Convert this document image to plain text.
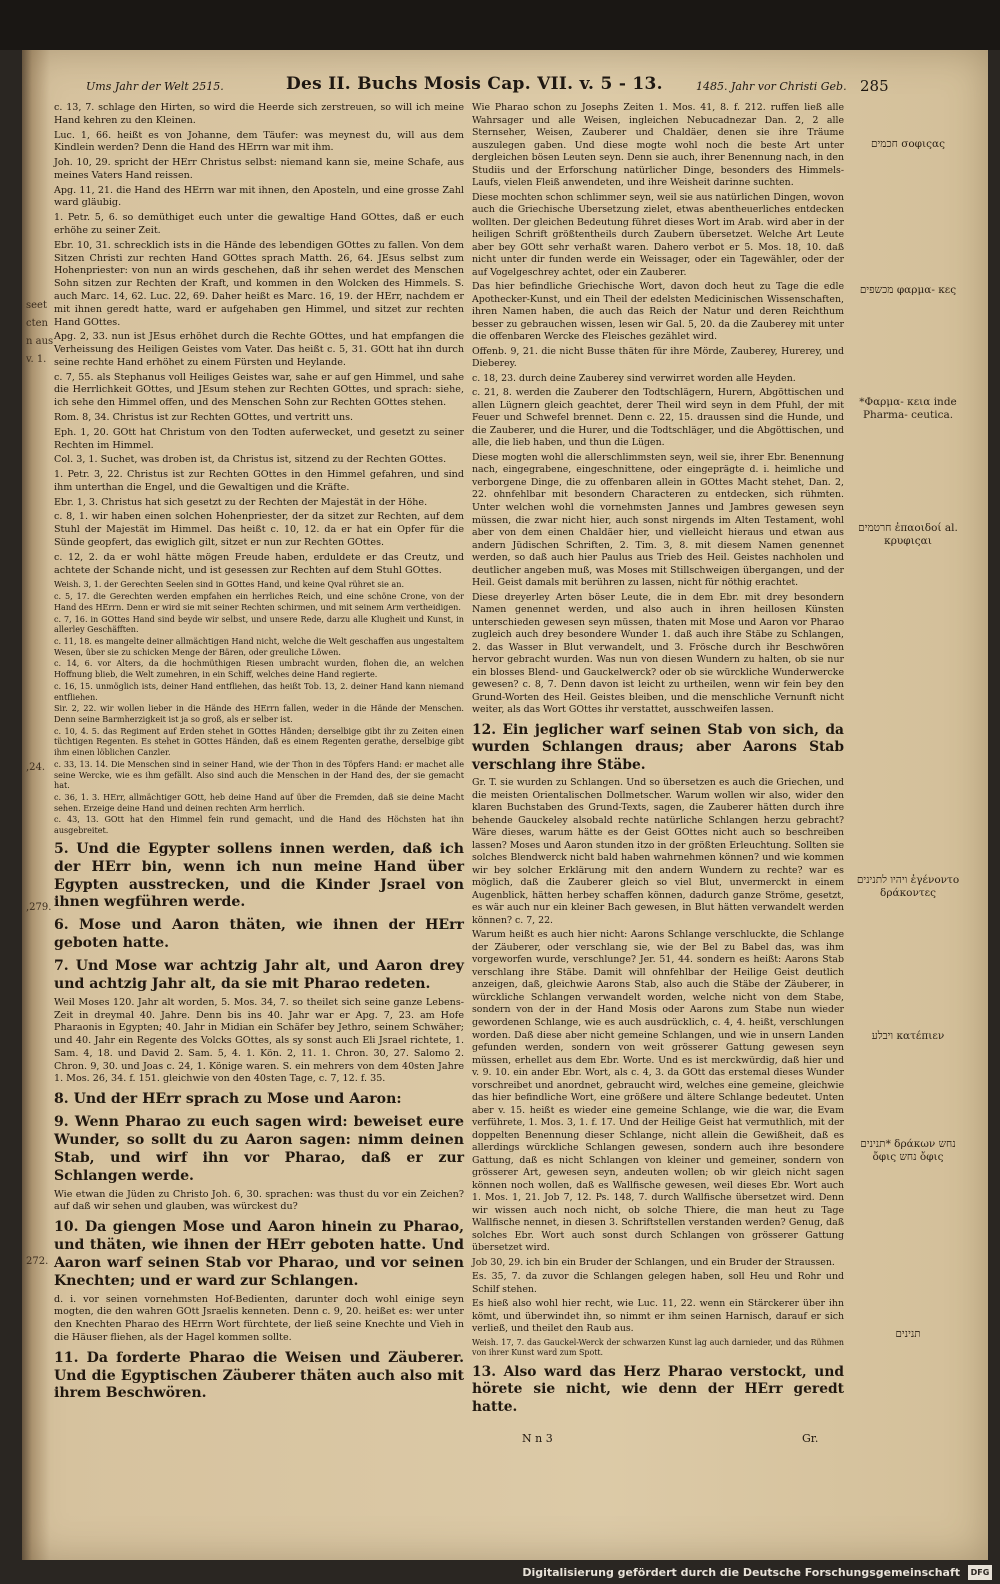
seet
cten
n aus
v. 1.
,24.
,279.
272.
Ums Jahr der Welt 2515.	Des II. Buchs Mosis Cap. VII. v. 5 - 13.	1485. Jahr vor Christi Geb. 285
c. 13, 7. schlage den Hirten, so wird die Heerde sich zerstreuen, so will ich meine Hand kehren zu den Kleinen.
Luc. 1, 66. heißt es von Johanne, dem Täufer: was meynest du, will aus dem Kindlein werden? Denn die Hand des HErrn war mit ihm.
Joh. 10, 29. spricht der HErr Christus selbst: niemand kann sie, meine Schafe, aus meines Vaters Hand reissen.
Apg. 11, 21. die Hand des HErrn war mit ihnen, den Aposteln, und eine grosse Zahl ward gläubig.
1. Petr. 5, 6. so demüthiget euch unter die gewaltige Hand GOttes, daß er euch erhöhe zu seiner Zeit.
Ebr. 10, 31. schrecklich ists in die Hände des lebendigen GOttes zu fallen. Von dem Sitzen Christi zur rechten Hand GOttes sprach Matth. 26, 64. JEsus selbst zum Hohenpriester: von nun an wirds geschehen, daß ihr sehen werdet des Menschen Sohn sitzen zur Rechten der Kraft, und kommen in den Wolcken des Himmels. S. auch Marc. 14, 62. Luc. 22, 69. Daher heißt es Marc. 16, 19. der HErr, nachdem er mit ihnen geredt hatte, ward er aufgehaben gen Himmel, und sitzet zur rechten Hand GOttes.
Apg. 2, 33. nun ist JEsus erhöhet durch die Rechte GOttes, und hat empfangen die Verheissung des Heiligen Geistes vom Vater. Das heißt c. 5, 31. GOtt hat ihn durch seine rechte Hand erhöhet zu einem Fürsten und Heylande.
c. 7, 55. als Stephanus voll Heiliges Geistes war, sahe er auf gen Himmel, und sahe die Herrlichkeit GOttes, und JEsum stehen zur Rechten GOttes, und sprach: siehe, ich sehe den Himmel offen, und des Menschen Sohn zur Rechten GOttes stehen.
Rom. 8, 34. Christus ist zur Rechten GOttes, und vertritt uns.
Eph. 1, 20. GOtt hat Christum von den Todten auferwecket, und gesetzt zu seiner Rechten im Himmel.
Col. 3, 1. Suchet, was droben ist, da Christus ist, sitzend zu der Rechten GOttes.
1. Petr. 3, 22. Christus ist zur Rechten GOttes in den Himmel gefahren, und sind ihm unterthan die Engel, und die Gewaltigen und die Kräfte.
Ebr. 1, 3. Christus hat sich gesetzt zu der Rechten der Majestät in der Höhe.
c. 8, 1. wir haben einen solchen Hohenpriester, der da sitzet zur Rechten, auf dem Stuhl der Majestät im Himmel. Das heißt c. 10, 12. da er hat ein Opfer für die Sünde geopfert, das ewiglich gilt, sitzet er nun zur Rechten GOttes.
c. 12, 2. da er wohl hätte mögen Freude haben, erduldete er das Creutz, und achtete der Schande nicht, und ist gesessen zur Rechten auf dem Stuhl GOttes.
Weish. 3, 1. der Gerechten Seelen sind in GOttes Hand, und keine Qval rühret sie an.
c. 5, 17. die Gerechten werden empfahen ein herrliches Reich, und eine schöne Crone, von der Hand des HErrn. Denn er wird sie mit seiner Rechten schirmen, und mit seinem Arm vertheidigen.
c. 7, 16. in GOttes Hand sind beyde wir selbst, und unsere Rede, darzu alle Klugheit und Kunst, in allerley Geschäfften.
c. 11, 18. es mangelte deiner allmächtigen Hand nicht, welche die Welt geschaffen aus ungestaltem Wesen, über sie zu schicken Menge der Bären, oder greuliche Löwen.
c. 14, 6. vor Alters, da die hochmüthigen Riesen umbracht wurden, flohen die, an welchen Hoffnung blieb, die Welt zumehren, in ein Schiff, welches deine Hand regierte.
c. 16, 15. unmöglich ists, deiner Hand entfliehen, das heißt Tob. 13, 2. deiner Hand kann niemand entfliehen.
Sir. 2, 22. wir wollen lieber in die Hände des HErrn fallen, weder in die Hände der Menschen. Denn seine Barmherzigkeit ist ja so groß, als er selber ist.
c. 10, 4. 5. das Regiment auf Erden stehet in GOttes Händen; derselbige gibt ihr zu Zeiten einen tüchtigen Regenten. Es stehet in GOttes Händen, daß es einem Regenten gerathe, derselbige gibt ihm einen löblichen Canzler.
c. 33, 13. 14. Die Menschen sind in seiner Hand, wie der Thon in des Töpfers Hand: er machet alle seine Wercke, wie es ihm gefällt. Also sind auch die Menschen in der Hand des, der sie gemacht hat.
c. 36, 1. 3. HErr, allmächtiger GOtt, heb deine Hand auf über die Fremden, daß sie deine Macht sehen. Erzeige deine Hand und deinen rechten Arm herrlich.
c. 43, 13. GOtt hat den Himmel fein rund gemacht, und die Hand des Höchsten hat ihn ausgebreitet.
5. Und die Egypter sollens innen werden, daß ich der HErr bin, wenn ich nun meine Hand über Egypten ausstrecken, und die Kinder Jsrael von ihnen wegführen werde.
6. Mose und Aaron thäten, wie ihnen der HErr geboten hatte.
7. Und Mose war achtzig Jahr alt, und Aaron drey und achtzig Jahr alt, da sie mit Pharao redeten.
Weil Moses 120. Jahr alt worden, 5. Mos. 34, 7. so theilet sich seine ganze Lebens-Zeit in dreymal 40. Jahre. Denn bis ins 40. Jahr war er Apg. 7, 23. am Hofe Pharaonis in Egypten; 40. Jahr in Midian ein Schäfer bey Jethro, seinem Schwäher; und 40. Jahr ein Regente des Volcks GOttes, als sy sonst auch Eli Jsrael richtete, 1. Sam. 4, 18. und David 2. Sam. 5, 4. 1. Kön. 2, 11. 1. Chron. 30, 27. Salomo 2. Chron. 9, 30. und Joas c. 24, 1. Könige waren. S. ein mehrers von dem 40sten Jahre 1. Mos. 26, 34. f. 151. gleichwie von den 40sten Tage, c. 7, 12. f. 35.
8. Und der HErr sprach zu Mose und Aaron:
9. Wenn Pharao zu euch sagen wird: beweiset eure Wunder, so sollt du zu Aaron sagen: nimm deinen Stab, und wirf ihn vor Pharao, daß er zur Schlangen werde.
Wie etwan die Jüden zu Christo Joh. 6, 30. sprachen: was thust du vor ein Zeichen? auf daß wir sehen und glauben, was würckest du?
10. Da giengen Mose und Aaron hinein zu Pharao, und thäten, wie ihnen der HErr geboten hatte. Und Aaron warf seinen Stab vor Pharao, und vor seinen Knechten; und er ward zur Schlangen.
d. i. vor seinen vornehmsten Hof-Bedienten, darunter doch wohl einige seyn mogten, die den wahren GOtt Jsraelis kenneten. Denn c. 9, 20. heißet es: wer unter den Knechten Pharao des HErrn Wort fürchtete, der ließ seine Knechte und Vieh in die Häuser fliehen, als der Hagel kommen sollte.
11. Da forderte Pharao die Weisen und Zäuberer. Und die Egyptischen Zäuberer thäten auch also mit ihrem Beschwören.
Wie Pharao schon zu Josephs Zeiten 1. Mos. 41, 8. f. 212. ruffen ließ alle Wahrsager und alle Weisen, ingleichen Nebucadnezar Dan. 2, 2 alle Sternseher, Weisen, Zauberer und Chaldäer, denen sie ihre Träume auszulegen gaben. Und diese mogte wohl noch die beste Art unter dergleichen bösen Leuten seyn. Denn sie auch, ihrer Benennung nach, in den Studiis und der Erforschung natürlicher Dinge, besonders des Himmels-Laufs, vielen Fleiß anwendeten, und ihre Weisheit darinne suchten.
Diese mochten schon schlimmer seyn, weil sie aus natürlichen Dingen, wovon auch die Griechische Ubersetzung zielet, etwas abentheuerliches entdecken wollten. Der gleichen Bedeutung führet dieses Wort im Arab. wird aber in der heiligen Schrift größtentheils durch Zaubern übersetzet. Welche Art Leute aber bey GOtt sehr verhaßt waren. Dahero verbot er 5. Mos. 18, 10. daß nicht unter dir funden werde ein Weissager, oder ein Tagewähler, oder der auf Vogelgeschrey achtet, oder ein Zauberer.
Das hier befindliche Griechische Wort, davon doch heut zu Tage die edle Apothecker-Kunst, und ein Theil der edelsten Medicinischen Wissenschaften, ihren Namen haben, die auch das Reich der Natur und deren Reichthum besser zu gebrauchen wissen, lesen wir Gal. 5, 20. da die Zauberey mit unter die offenbaren Wercke des Fleisches gezählet wird.
Offenb. 9, 21. die nicht Busse thäten für ihre Mörde, Zauberey, Hurerey, und Dieberey.
c. 18, 23. durch deine Zauberey sind verwirret worden alle Heyden.
c. 21, 8. werden die Zauberer den Todtschlägern, Hurern, Abgöttischen und allen Lügnern gleich geachtet, derer Theil wird seyn in dem Pfuhl, der mit Feuer und Schwefel brennet. Denn c. 22, 15. draussen sind die Hunde, und die Zauberer, und die Hurer, und die Todtschläger, und die Abgöttischen, und alle, die lieb haben, und thun die Lügen.
Diese mogten wohl die allerschlimmsten seyn, weil sie, ihrer Ebr. Benennung nach, eingegrabene, eingeschnittene, oder eingeprägte d. i. heimliche und verborgene Dinge, die zu offenbaren allein in GOttes Macht stehet, Dan. 2, 22. ohnfehlbar mit besondern Characteren zu entdecken, sich rühmten. Unter welchen wohl die vornehmsten Jannes und Jambres gewesen seyn müssen, die zwar nicht hier, auch sonst nirgends im Alten Testament, wohl aber von dem einen Chaldäer hier, und vielleicht hieraus und etwan aus andern Jüdischen Schriften, 2. Tim. 3, 8. mit diesem Namen genennet werden, so daß auch hier Paulus aus Trieb des Heil. Geistes nachholen und deutlicher angeben muß, was Moses mit Stillschweigen übergangen, und der Heil. Geist damals mit berühren zu lassen, nicht für nöthig erachtet.
Diese dreyerley Arten böser Leute, die in dem Ebr. mit drey besondern Namen genennet werden, und also auch in ihren heillosen Künsten unterschieden gewesen seyn müssen, thaten mit Mose und Aaron vor Pharao zugleich auch drey besondere Wunder 1. daß auch ihre Stäbe zu Schlangen, 2. das Wasser in Blut verwandelt, und 3. Frösche durch ihr Beschwören hervor gebracht wurden. Was nun von diesen Wundern zu halten, ob sie nur ein blosses Blend- und Gauckelwerck? oder ob sie würckliche Wunderwercke gewesen? c. 8, 7. Denn davon ist leicht zu urtheilen, wenn wir fein bey den Grund-Worten des Heil. Geistes bleiben, und die menschliche Vernunft nicht weiter, als das Wort GOttes ihr verstattet, ausschweifen lassen.
12. Ein jeglicher warf seinen Stab von sich, da wurden Schlangen draus; aber Aarons Stab verschlang ihre Stäbe.
Gr. T. sie wurden zu Schlangen. Und so übersetzen es auch die Griechen, und die meisten Orientalischen Dollmetscher. Warum wollen wir also, wider den klaren Buchstaben des Grund-Texts, sagen, die Zauberer hätten durch ihre behende Gauckeley alsobald rechte natürliche Schlangen herzu gebracht? Wäre dieses, warum hätte es der Geist GOttes nicht auch so beschreiben lassen? Moses und Aaron stunden itzo in der größten Erleuchtung. Sollten sie solches Blendwerck nicht bald haben wahrnehmen können? und wie kommen wir bey solcher Erklärung mit den andern Wundern zu rechte? war es möglich, daß die Zauberer gleich so viel Blut, unvermerckt in einem Augenblick, hätten herbey schaffen können, dadurch ganze Ströme, gesetzt, es wär auch nur ein kleiner Bach gewesen, in Blut hätten verwandelt werden können? c. 7, 22.
Warum heißt es auch hier nicht: Aarons Schlange verschluckte, die Schlange der Zäuberer, oder verschlang sie, wie der Bel zu Babel das, was ihm vorgeworfen wurde, verschlunge? Jer. 51, 44. sondern es heißt: Aarons Stab verschlang ihre Stäbe. Damit will ohnfehlbar der Heilige Geist deutlich anzeigen, daß, gleichwie Aarons Stab, also auch die Stäbe der Zäuberer, in würckliche Schlangen verwandelt worden, welche nicht von dem Stabe, sondern von der in der Hand Mosis oder Aarons zum Stabe nun wieder gewordenen Schlange, wie es auch ausdrücklich, c. 4, 4. heißt, verschlungen worden. Daß diese aber nicht gemeine Schlangen, und wie in unsern Landen gefunden werden, sondern von weit grösserer Gattung gewesen seyn müssen, erhellet aus dem Ebr. Worte. Und es ist merckwürdig, daß hier und v. 9. 10. ein ander Ebr. Wort, als c. 4, 3. da GOtt das erstemal dieses Wunder vorschreibet und anordnet, gebraucht wird, welches eine gemeine, gleichwie das hier befindliche Wort, eine größere und ältere Schlange bedeutet. Unten aber v. 15. heißt es wieder eine gemeine Schlange, wie die war, die Evam verführete, 1. Mos. 3, 1. f. 17. Und der Heilige Geist hat vermuthlich, mit der doppelten Benennung dieser Schlange, nicht allein die Gewißheit, daß es allerdings würckliche Schlangen gewesen, sondern auch ihre besondere Gattung, daß es nicht Schlangen von kleiner und gemeiner, sondern von grösserer Art, gewesen seyn, andeuten wollen; ob wir gleich nicht sagen können noch wollen, daß es Wallfische gewesen, weil dieses Ebr. Wort auch 1. Mos. 1, 21. Job 7, 12. Ps. 148, 7. durch Wallfische übersetzet wird. Denn wir wissen auch noch nicht, ob solche Thiere, die man heut zu Tage Wallfische nennet, in diesen 3. Schriftstellen verstanden werden? Genug, daß solches Ebr. Wort auch sonst durch Schlangen von grösserer Gattung übersetzet wird.
Job 30, 29. ich bin ein Bruder der Schlangen, und ein Bruder der Straussen.
Es. 35, 7. da zuvor die Schlangen gelegen haben, soll Heu und Rohr und Schilf stehen.
Es hieß also wohl hier recht, wie Luc. 11, 22. wenn ein Stärckerer über ihn kömt, und überwindet ihn, so nimmt er ihm seinen Harnisch, darauf er sich verließ, und theilet den Raub aus.
Weish. 17, 7. das Gauckel-Werck der schwarzen Kunst lag auch darnieder, und das Rühmen von ihrer Kunst ward zum Spott.
13. Also ward das Herz Pharao verstockt, und hörete sie nicht, wie denn der HErr geredt hatte.
חכמים σοφιςας
מכשפים φαρμα- κες
*Φαρμα- κεια inde Pharma- ceutica.
חרטמים ἐπαοιδοί al. κρυφιςαι
ויהיו לתנינים ἐγένοντο δράκοντες
ויבלע κατέπιεν
תנינים* δράκων נחש ὄφις נחש ὄφις
תנינים
N n 3	Gr.
Digitalisierung gefördert durch die Deutsche Forschungsgemeinschaft	DFG
